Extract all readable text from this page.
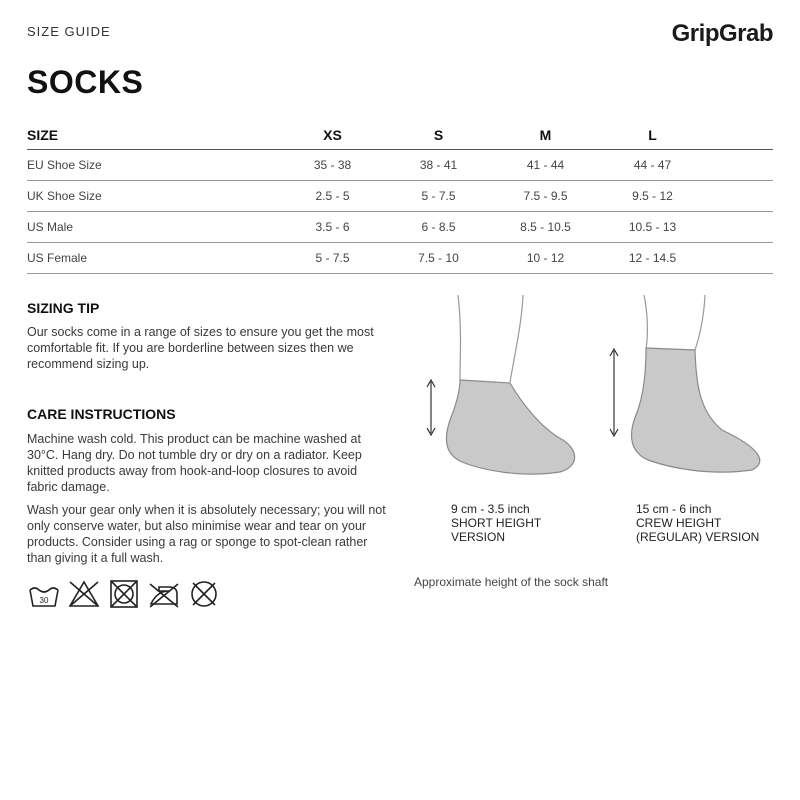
SIZE GUIDE	GripGrab
SOCKS
SIZE	XS	S	M	L	
EU Shoe Size	35 - 38	38 - 41	41 - 44	44 - 47	
UK Shoe Size	2.5 - 5	5 - 7.5	7.5 - 9.5	9.5 - 12	
US Male	3.5 - 6	6 - 8.5	8.5 - 10.5	10.5 - 13	
US Female	5 - 7.5	7.5 - 10	10 - 12	12 - 14.5	
SIZING TIP
Our socks come in a range of sizes to ensure you get the most comfortable fit. If you are borderline between sizes then we recommend sizing up.
CARE INSTRUCTIONS
Machine wash cold. This product can be machine washed at 30°C. Hang dry. Do not tumble dry or dry on a radiator. Keep knitted products away from hook-and-loop closures to avoid fabric damage.
Wash your gear only when it is absolutely necessary; you will not only conserve water, but also minimise wear and tear on your products. Consider using a rag or sponge to spot-clean rather than giving it a full wash.
30
9 cm - 3.5 inch
SHORT HEIGHT
VERSION
15 cm - 6 inch
CREW HEIGHT
(REGULAR) VERSION
Approximate height of the sock shaft
